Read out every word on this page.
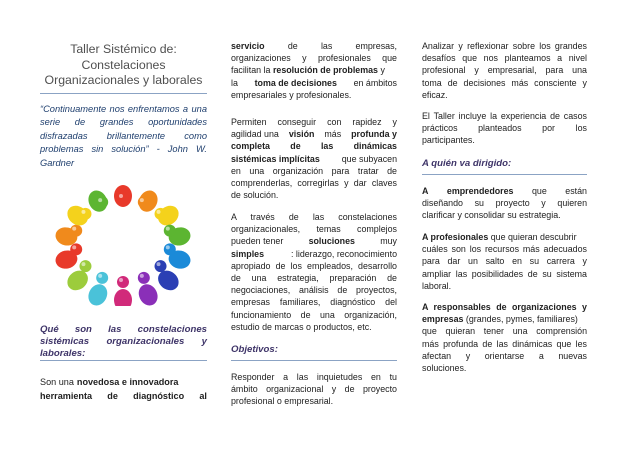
Taller Sistémico de:
Constelaciones
Organizacionales y laborales
“Continuamente nos enfrentamos a una
serie de grandes oportunidades
disfrazadas brillantemente como
problemas sin solución” - John W.
Gardner
Qué son las constelaciones
sistémicas organizacionales y
laborales:
Son una novedosa e innovadora
herramienta de diagnóstico al
servicio	de	las	empresas,
organizaciones y profesionales que
facilitan la
resolución de problemas
y
la toma de decisiones en ámbitos
empresariales y profesionales.
Permiten conseguir con rapidez y
agilidad una visión más profunda y
completa de las dinámicas
sistémicas implícitas que subyacen
en una organización para tratar de
comprenderlas, corregirlas y dar claves
de solución.
A través de las constelaciones
organizacionales, temas complejos
pueden tener	soluciones	muy
simples	: liderazgo, reconocimiento
apropiado de los empleados, desarrollo
de una estrategia, preparación de
negociaciones, análisis de proyectos,
empresas familiares, diagnóstico del
funcionamiento de una organización,
estudio de marcas o productos, etc.
Objetivos:
Responder a las inquietudes en tu
ámbito organizacional y de proyecto
profesional o empresarial.
Analizar y reflexionar sobre los grandes
desafíos que nos planteamos a nivel
profesional y empresarial, para una
toma de decisiones más consciente y
eficaz.
El Taller incluye la experiencia de casos
prácticos planteados por los
participantes.
A quién va dirigido:
A emprendedores que están
diseñando su proyecto y quieren
clarificar y consolidar su estrategia.
A profesionales que quieran descubrir
cuáles son los recursos más adecuados
para dar un salto en su carrera y
ampliar las posibilidades de su sistema
laboral.
A responsables de organizaciones y
empresas (grandes, pymes, familiares)
que quieran tener una comprensión
más profunda de las dinámicas que les
afectan y orientarse a nuevas
soluciones.
